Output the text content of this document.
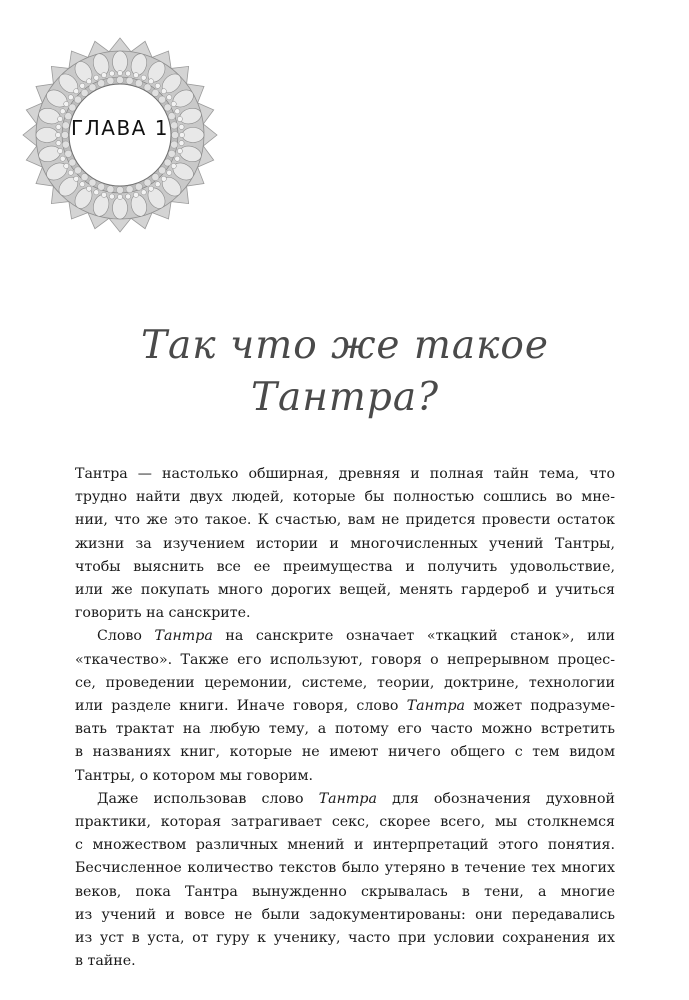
ГЛАВА 1
Так что же такое
Тантра?
Тантра — настолько обширная, древняя и полная тайн тема, что
трудно найти двух людей, которые бы полностью сошлись во мне-
нии, что же это такое. К счастью, вам не придется провести остаток
жизни за изучением истории и многочисленных учений Тантры,
чтобы выяснить все ее преимущества и получить удовольствие,
или же покупать много дорогих вещей, менять гардероб и учиться
говорить на санскрите.
Слово Тантра на санскрите означает «ткацкий станок», или
«ткачество». Также его используют, говоря о непрерывном процес-
се, проведении церемонии, системе, теории, доктрине, технологии
или разделе книги. Иначе говоря, слово Тантра может подразуме-
вать трактат на любую тему, а потому его часто можно встретить
в названиях книг, которые не имеют ничего общего с тем видом
Тантры, о котором мы говорим.
Даже использовав слово Тантра для обозначения духовной
практики, которая затрагивает секс, скорее всего, мы столкнемся
с множеством различных мнений и интерпретаций этого понятия.
Бесчисленное количество текстов было утеряно в течение тех многих
веков, пока Тантра вынужденно скрывалась в тени, а многие
из учений и вовсе не были задокументированы: они передавались
из уст в уста, от гуру к ученику, часто при условии сохранения их
в тайне.
